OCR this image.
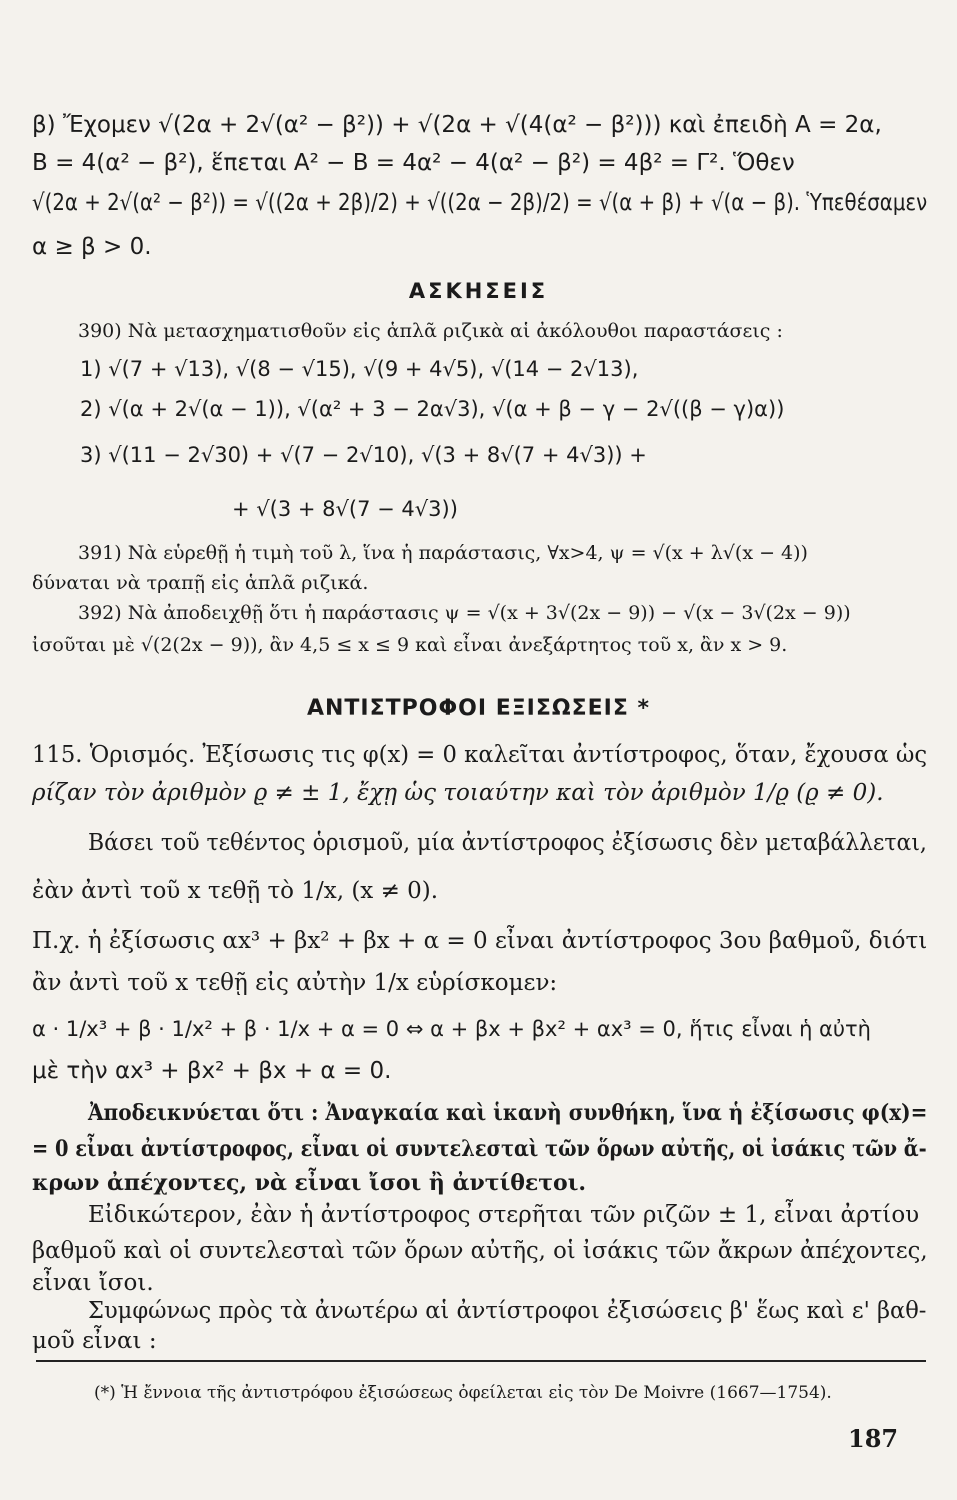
β) Ἔχομεν √(2α + 2√(α² − β²)) + √(2α + √(4(α² − β²))) καὶ ἐπειδὴ Α = 2α,
B = 4(α² − β²), ἕπεται A² − B = 4α² − 4(α² − β²) = 4β² = Γ². Ὅθεν
√(2α + 2√(α² − β²)) = √((2α + 2β)/2) + √((2α − 2β)/2) = √(α + β) + √(α − β). Ὑπεθέσαμεν
α ≥ β > 0.
ΑΣΚΗΣΕΙΣ
390) Νὰ μετασχηματισθοῦν εἰς ἁπλᾶ ριζικὰ αἱ ἀκόλουθοι παραστάσεις :
1) √(7 + √13), √(8 − √15), √(9 + 4√5), √(14 − 2√13),
2) √(α + 2√(α − 1)), √(α² + 3 − 2α√3), √(α + β − γ − 2√((β − γ)α))
3) √(11 − 2√30) + √(7 − 2√10), √(3 + 8√(7 + 4√3)) +
+ √(3 + 8√(7 − 4√3))
391) Νὰ εὑρεθῇ ἡ τιμὴ τοῦ λ, ἵνα ἡ παράστασις, ∀x>4, ψ = √(x + λ√(x − 4))
δύναται νὰ τραπῇ εἰς ἁπλᾶ ριζικά.
392) Νὰ ἀποδειχθῇ ὅτι ἡ παράστασις ψ = √(x + 3√(2x − 9)) − √(x − 3√(2x − 9))
ἰσοῦται μὲ √(2(2x − 9)), ἂν 4,5 ≤ x ≤ 9 καὶ εἶναι ἀνεξάρτητος τοῦ x, ἂν x > 9.
ΑΝΤΙΣΤΡΟΦΟΙ ΕΞΙΣΩΣΕΙΣ *
115. Ὁρισμός. Ἐξίσωσις τις φ(x) = 0 καλεῖται ἀντίστροφος, ὅταν, ἔχουσα ὡς
ρίζαν τὸν ἀριθμὸν ϱ ≠ ± 1, ἔχῃ ὡς τοιαύτην καὶ τὸν ἀριθμὸν 1/ϱ (ϱ ≠ 0).
Βάσει τοῦ τεθέντος ὁρισμοῦ, μία ἀντίστροφος ἐξίσωσις δὲν μεταβάλλεται,
ἐὰν ἀντὶ τοῦ x τεθῇ τὸ 1/x, (x ≠ 0).
Π.χ. ἡ ἐξίσωσις αx³ + βx² + βx + α = 0 εἶναι ἀντίστροφος 3ου βαθμοῦ, διότι
ἂν ἀντὶ τοῦ x τεθῇ εἰς αὐτὴν 1/x εὑρίσκομεν:
α · 1/x³ + β · 1/x² + β · 1/x + α = 0 ⇔ α + βx + βx² + αx³ = 0, ἥτις εἶναι ἡ αὐτὴ
μὲ τὴν αx³ + βx² + βx + α = 0.
Ἀποδεικνύεται ὅτι : Ἀναγκαία καὶ ἱκανὴ συνθήκη, ἵνα ἡ ἐξίσωσις φ(x)=
= 0 εἶναι ἀντίστροφος, εἶναι οἱ συντελεσταὶ τῶν ὅρων αὐτῆς, οἱ ἰσάκις τῶν ἄ-
κρων ἀπέχοντες, νὰ εἶναι ἴσοι ἢ ἀντίθετοι.
Εἰδικώτερον, ἐὰν ἡ ἀντίστροφος στερῆται τῶν ριζῶν ± 1, εἶναι ἀρτίου
βαθμοῦ καὶ οἱ συντελεσταὶ τῶν ὅρων αὐτῆς, οἱ ἰσάκις τῶν ἄκρων ἀπέχοντες,
εἶναι ἴσοι.
Συμφώνως πρὸς τὰ ἀνωτέρω αἱ ἀντίστροφοι ἐξισώσεις β' ἕως καὶ ε' βαθ-
μοῦ εἶναι :
(*) Ἡ ἔννοια τῆς ἀντιστρόφου ἐξισώσεως ὀφείλεται εἰς τὸν De Moivre (1667—1754).
187
